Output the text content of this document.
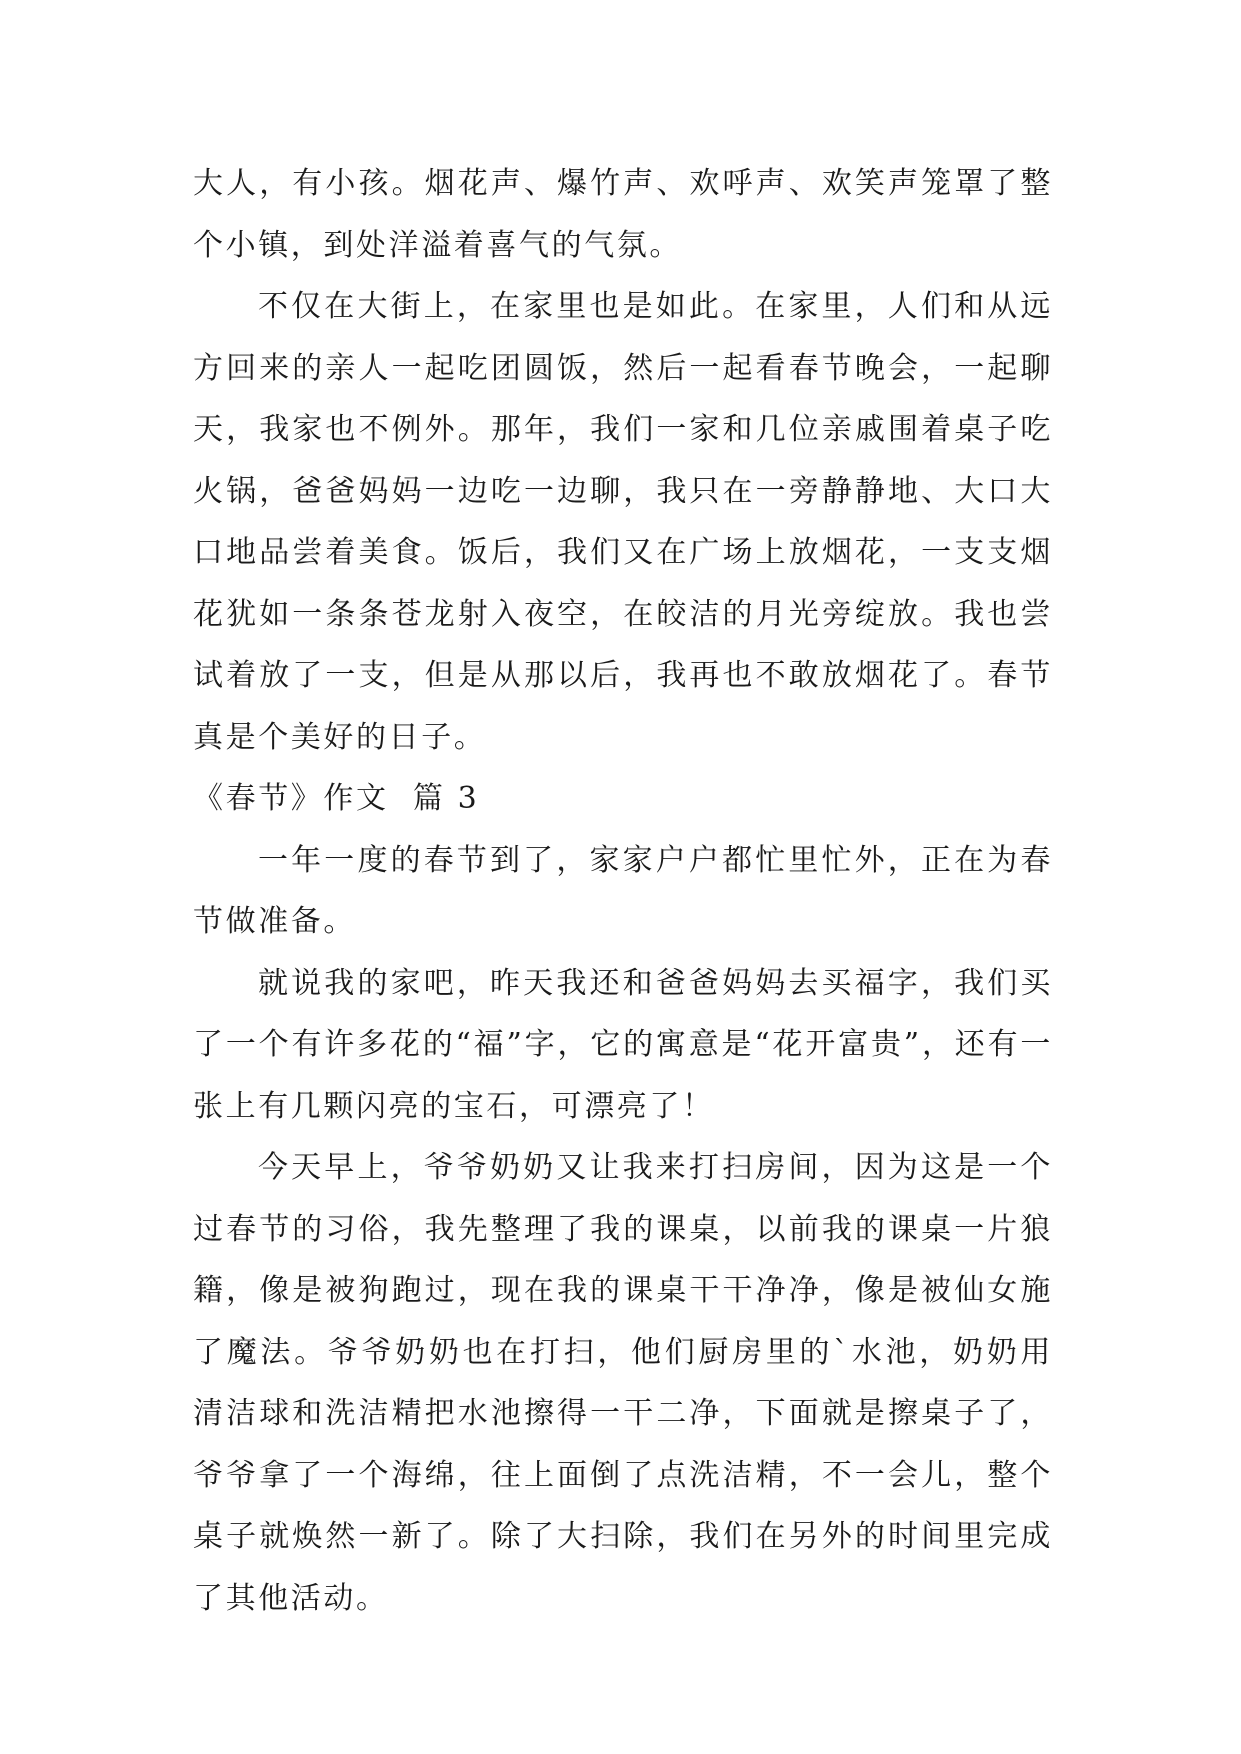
大人，有小孩。烟花声、爆竹声、欢呼声、欢笑声笼罩了整个小镇，到处洋溢着喜气的气氛。

不仅在大街上，在家里也是如此。在家里，人们和从远方回来的亲人一起吃团圆饭，然后一起看春节晚会，一起聊天，我家也不例外。那年，我们一家和几位亲戚围着桌子吃火锅，爸爸妈妈一边吃一边聊，我只在一旁静静地、大口大口地品尝着美食。饭后，我们又在广场上放烟花，一支支烟花犹如一条条苍龙射入夜空，在皎洁的月光旁绽放。我也尝试着放了一支，但是从那以后，我再也不敢放烟花了。春节真是个美好的日子。

《春节》作文  篇 3

一年一度的春节到了，家家户户都忙里忙外，正在为春节做准备。

就说我的家吧，昨天我还和爸爸妈妈去买福字，我们买了一个有许多花的“福”字，它的寓意是“花开富贵”，还有一张上有几颗闪亮的宝石，可漂亮了！

今天早上，爷爷奶奶又让我来打扫房间，因为这是一个过春节的习俗，我先整理了我的课桌，以前我的课桌一片狼籍，像是被狗跑过，现在我的课桌干干净净，像是被仙女施了魔法。爷爷奶奶也在打扫，他们厨房里的`水池，奶奶用清洁球和洗洁精把水池擦得一干二净，下面就是擦桌子了，爷爷拿了一个海绵，往上面倒了点洗洁精，不一会儿，整个桌子就焕然一新了。除了大扫除，我们在另外的时间里完成了其他活动。
